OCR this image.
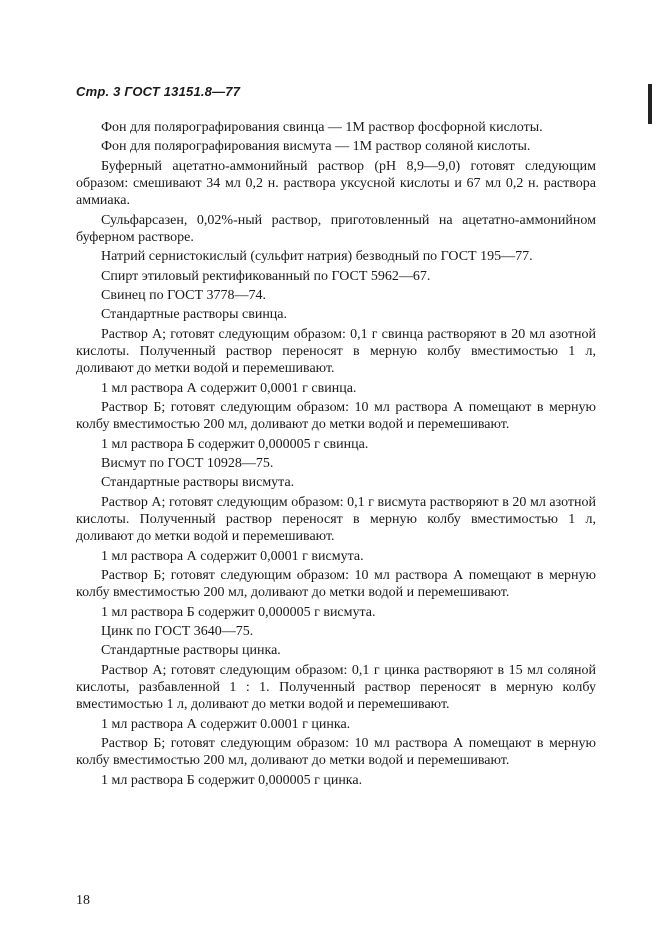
Стр. 3 ГОСТ 13151.8—77

Фон для полярографирования свинца — 1М раствор фосфорной кислоты.

Фон для полярографирования висмута — 1М раствор соляной кислоты.

Буферный ацетатно-аммонийный раствор (pH 8,9—9,0) готовят следующим образом: смешивают 34 мл 0,2 н. раствора уксусной кислоты и 67 мл 0,2 н. раствора аммиака.

Сульфарсазен, 0,02%-ный раствор, приготовленный на ацетатно-аммонийном буферном растворе.

Натрий сернистокислый (сульфит натрия) безводный по ГОСТ 195—77.

Спирт этиловый ректификованный по ГОСТ 5962—67.

Свинец по ГОСТ 3778—74.

Стандартные растворы свинца.

Раствор А; готовят следующим образом: 0,1 г свинца растворяют в 20 мл азотной кислоты. Полученный раствор переносят в мерную колбу вместимостью 1 л, доливают до метки водой и перемешивают.

1 мл раствора А содержит 0,0001 г свинца.

Раствор Б; готовят следующим образом: 10 мл раствора А помещают в мерную колбу вместимостью 200 мл, доливают до метки водой и перемешивают.

1 мл раствора Б содержит 0,000005 г свинца.

Висмут по ГОСТ 10928—75.

Стандартные растворы висмута.

Раствор А; готовят следующим образом: 0,1 г висмута растворяют в 20 мл азотной кислоты. Полученный раствор переносят в мерную колбу вместимостью 1 л, доливают до метки водой и перемешивают.

1 мл раствора А содержит 0,0001 г висмута.

Раствор Б; готовят следующим образом: 10 мл раствора А помещают в мерную колбу вместимостью 200 мл, доливают до метки водой и перемешивают.

1 мл раствора Б содержит 0,000005 г висмута.

Цинк по ГОСТ 3640—75.

Стандартные растворы цинка.

Раствор А; готовят следующим образом: 0,1 г цинка растворяют в 15 мл соляной кислоты, разбавленной 1 : 1. Полученный раствор переносят в мерную колбу вместимостью 1 л, доливают до метки водой и перемешивают.

1 мл раствора А содержит 0.0001 г цинка.

Раствор Б; готовят следующим образом: 10 мл раствора А помещают в мерную колбу вместимостью 200 мл, доливают до метки водой и перемешивают.

1 мл раствора Б содержит 0,000005 г цинка.

18
